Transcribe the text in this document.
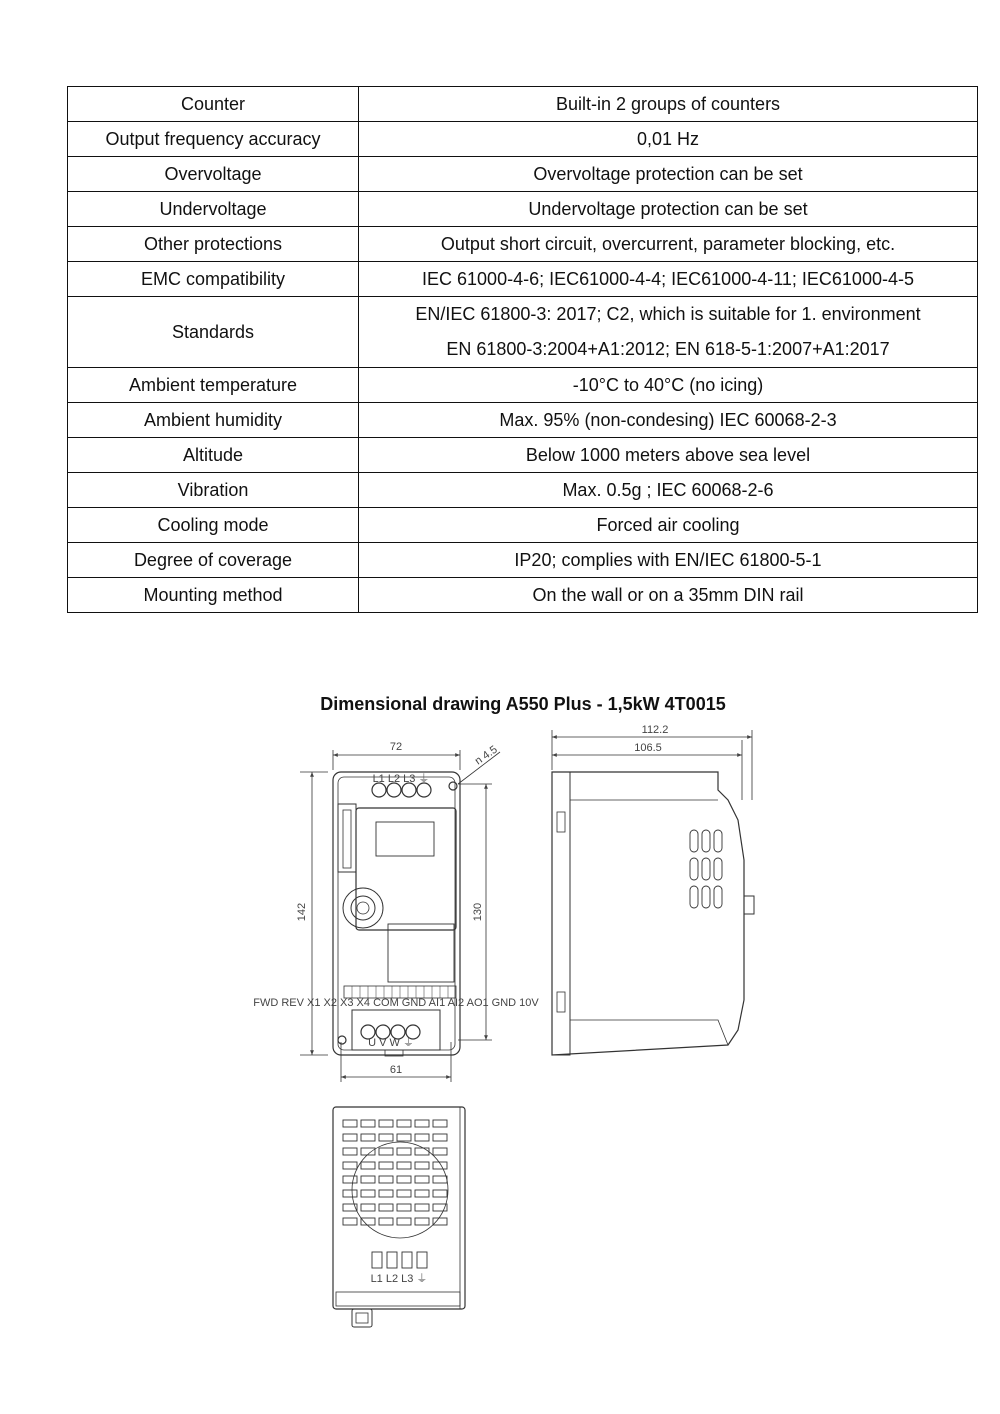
Counter	Built-in 2 groups of counters
Output frequency accuracy	0,01 Hz
Overvoltage	Overvoltage protection can be set
Undervoltage	Undervoltage protection can be set
Other protections	Output short circuit, overcurrent, parameter blocking, etc.
EMC compatibility	IEC 61000-4-6; IEC61000-4-4; IEC61000-4-11; IEC61000-4-5
Standards	EN/IEC 61800-3: 2017; C2, which is suitable for 1. environment
EN 61800-3:2004+A1:2012; EN 618-5-1:2007+A1:2017

Ambient temperature	-10°C to 40°C (no icing)
Ambient humidity	Max. 95% (non-condesing) IEC 60068-2-3
Altitude	Below 1000 meters above sea level
Vibration	Max. 0.5g ; IEC 60068-2-6
Cooling mode	Forced air cooling
Degree of coverage	IP20; complies with EN/IEC 61800-5-1
Mounting method	On the wall or on a 35mm DIN rail
Dimensional drawing A550 Plus - 1,5kW 4T0015
72	n 4.5
142	130
61
L1 L2 L3 ⏚
FWD REV X1 X2 X3 X4 COM GND AI1 AI2 AO1 GND 10V
U V W ⏚
112.2
106.5
L1 L2 L3 ⏚
